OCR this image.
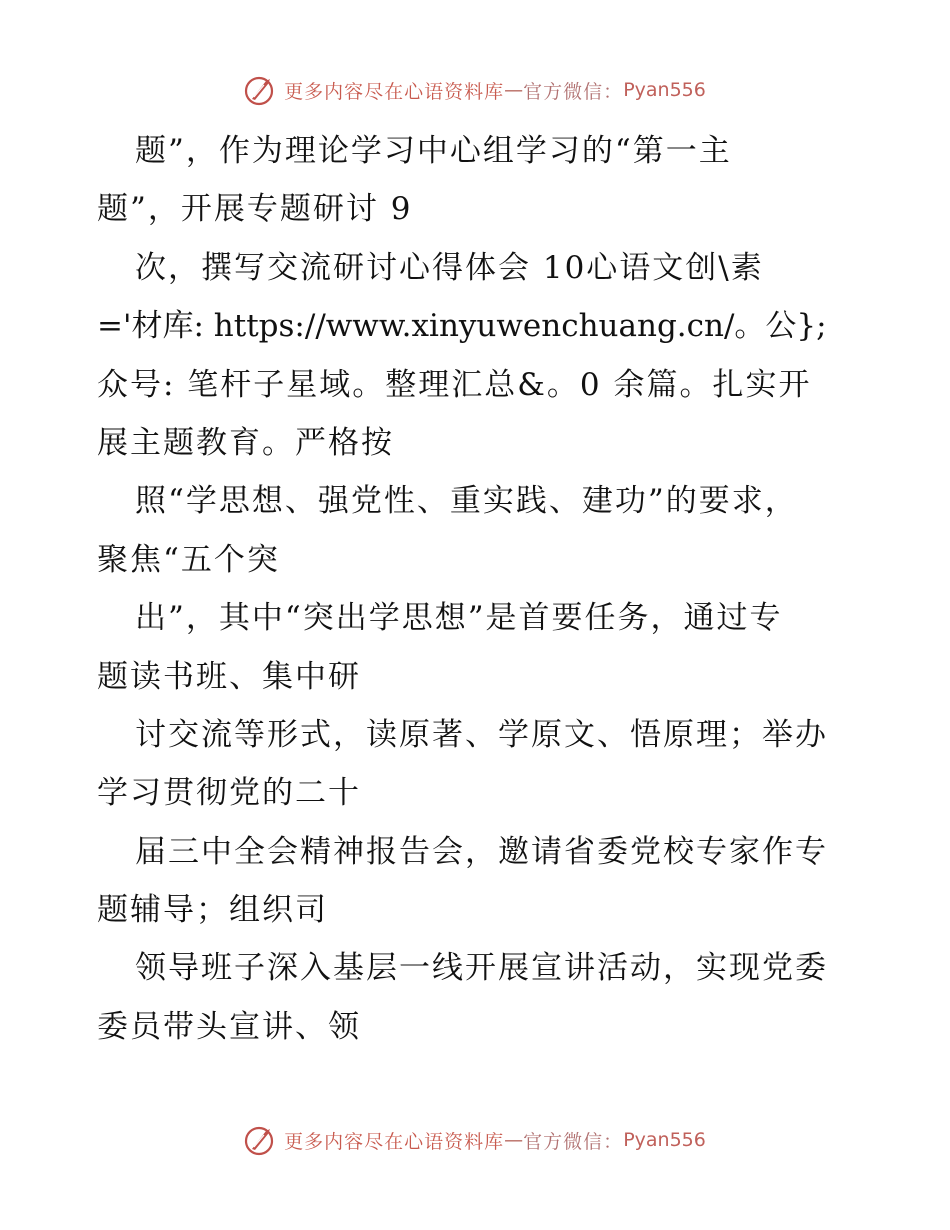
更多内容尽在心语资料库 — 官方微信： Pyan556
题”，作为理论学习中心组学习的“第一主
题”，开展专题研讨 9
次，撰写交流研讨心得体会 10心语文创\素
='材库: https://www.xinyuwenchuang.cn/。公};
众号: 笔杆子星域。整理汇总&。0 余篇。扎实开
展主题教育。严格按
照“学思想、强党性、重实践、建功”的要求，
聚焦“五个突
出”，其中“突出学思想”是首要任务，通过专
题读书班、集中研
讨交流等形式，读原著、学原文、悟原理；举办
学习贯彻党的二十
届三中全会精神报告会，邀请省委党校专家作专
题辅导；组织司
领导班子深入基层一线开展宣讲活动，实现党委
委员带头宣讲、领
更多内容尽在心语资料库 — 官方微信： Pyan556
